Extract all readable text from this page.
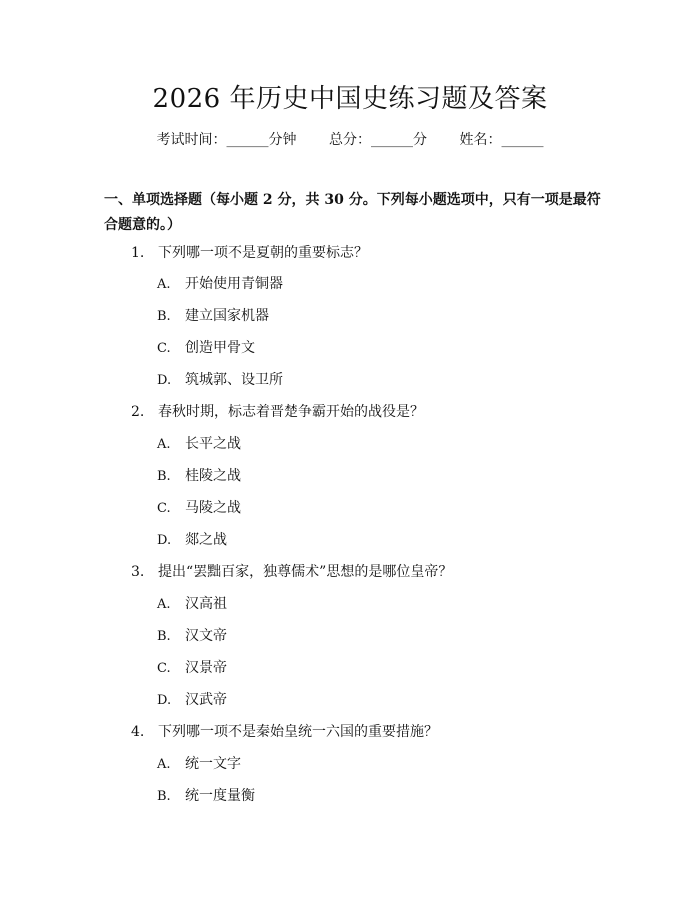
2026 年历史中国史练习题及答案
考试时间：______分钟 总分：______分 姓名：______
一、单项选择题（每小题 2 分，共 30 分。下列每小题选项中，只有一项是最符合题意的。）
1. 下列哪一项不是夏朝的重要标志？
A. 开始使用青铜器
B. 建立国家机器
C. 创造甲骨文
D. 筑城郭、设卫所
2. 春秋时期，标志着晋楚争霸开始的战役是？
A. 长平之战
B. 桂陵之战
C. 马陵之战
D. 郯之战
3. 提出“罢黜百家，独尊儒术”思想的是哪位皇帝？
A. 汉高祖
B. 汉文帝
C. 汉景帝
D. 汉武帝
4. 下列哪一项不是秦始皇统一六国的重要措施？
A. 统一文字
B. 统一度量衡
